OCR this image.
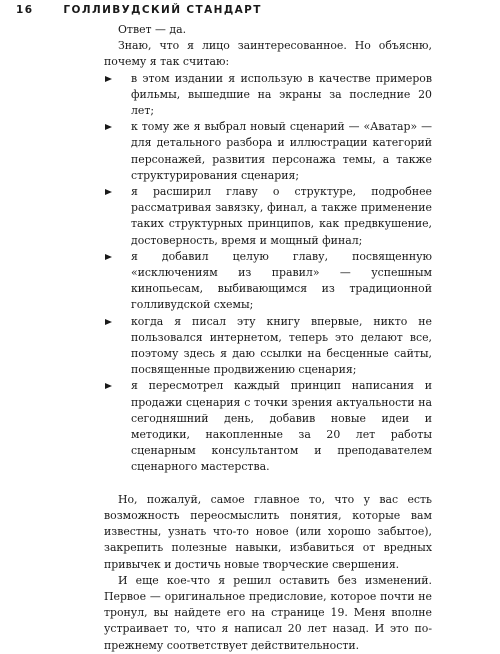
16	ГОЛЛИВУДСКИЙ СТАНДАРТ

Ответ — да.

Знаю, что я лицо заинтересованное. Но объясню, почему я так считаю:

в этом издании я использую в качестве примеров фильмы, вышедшие на экраны за последние 20 лет;
к тому же я выбрал новый сценарий — «Аватар» — для детального разбора и иллюстрации категорий персонажей, развития персонажа темы, а также структурирования сценария;
я расширил главу о структуре, подробнее рассматривая завязку, финал, а также применение таких структурных принципов, как предвкушение, достоверность, время и мощный финал;
я добавил целую главу, посвященную «исключениям из правил» — успешным кинопьесам, выбивающимся из традиционной голливудской схемы;
когда я писал эту книгу впервые, никто не пользовался интернетом, теперь это делают все, поэтому здесь я даю ссылки на бесценные сайты, посвященные продвижению сценария;
я пересмотрел каждый принцип написания и продажи сценария с точки зрения актуальности на сегодняшний день, добавив новые идеи и методики, накопленные за 20 лет работы сценарным консультантом и преподавателем сценарного мастерства.

Но, пожалуй, самое главное то, что у вас есть возможность переосмыслить понятия, которые вам известны, узнать что-то новое (или хорошо забытое), закрепить полезные навыки, избавиться от вредных привычек и достичь новые творческие свершения.

И еще кое-что я решил оставить без изменений. Первое — оригинальное предисловие, которое почти не тронул, вы найдете его на странице 19. Меня вполне устраивает то, что я написал 20 лет назад. И это по-прежнему соответствует действительности.
